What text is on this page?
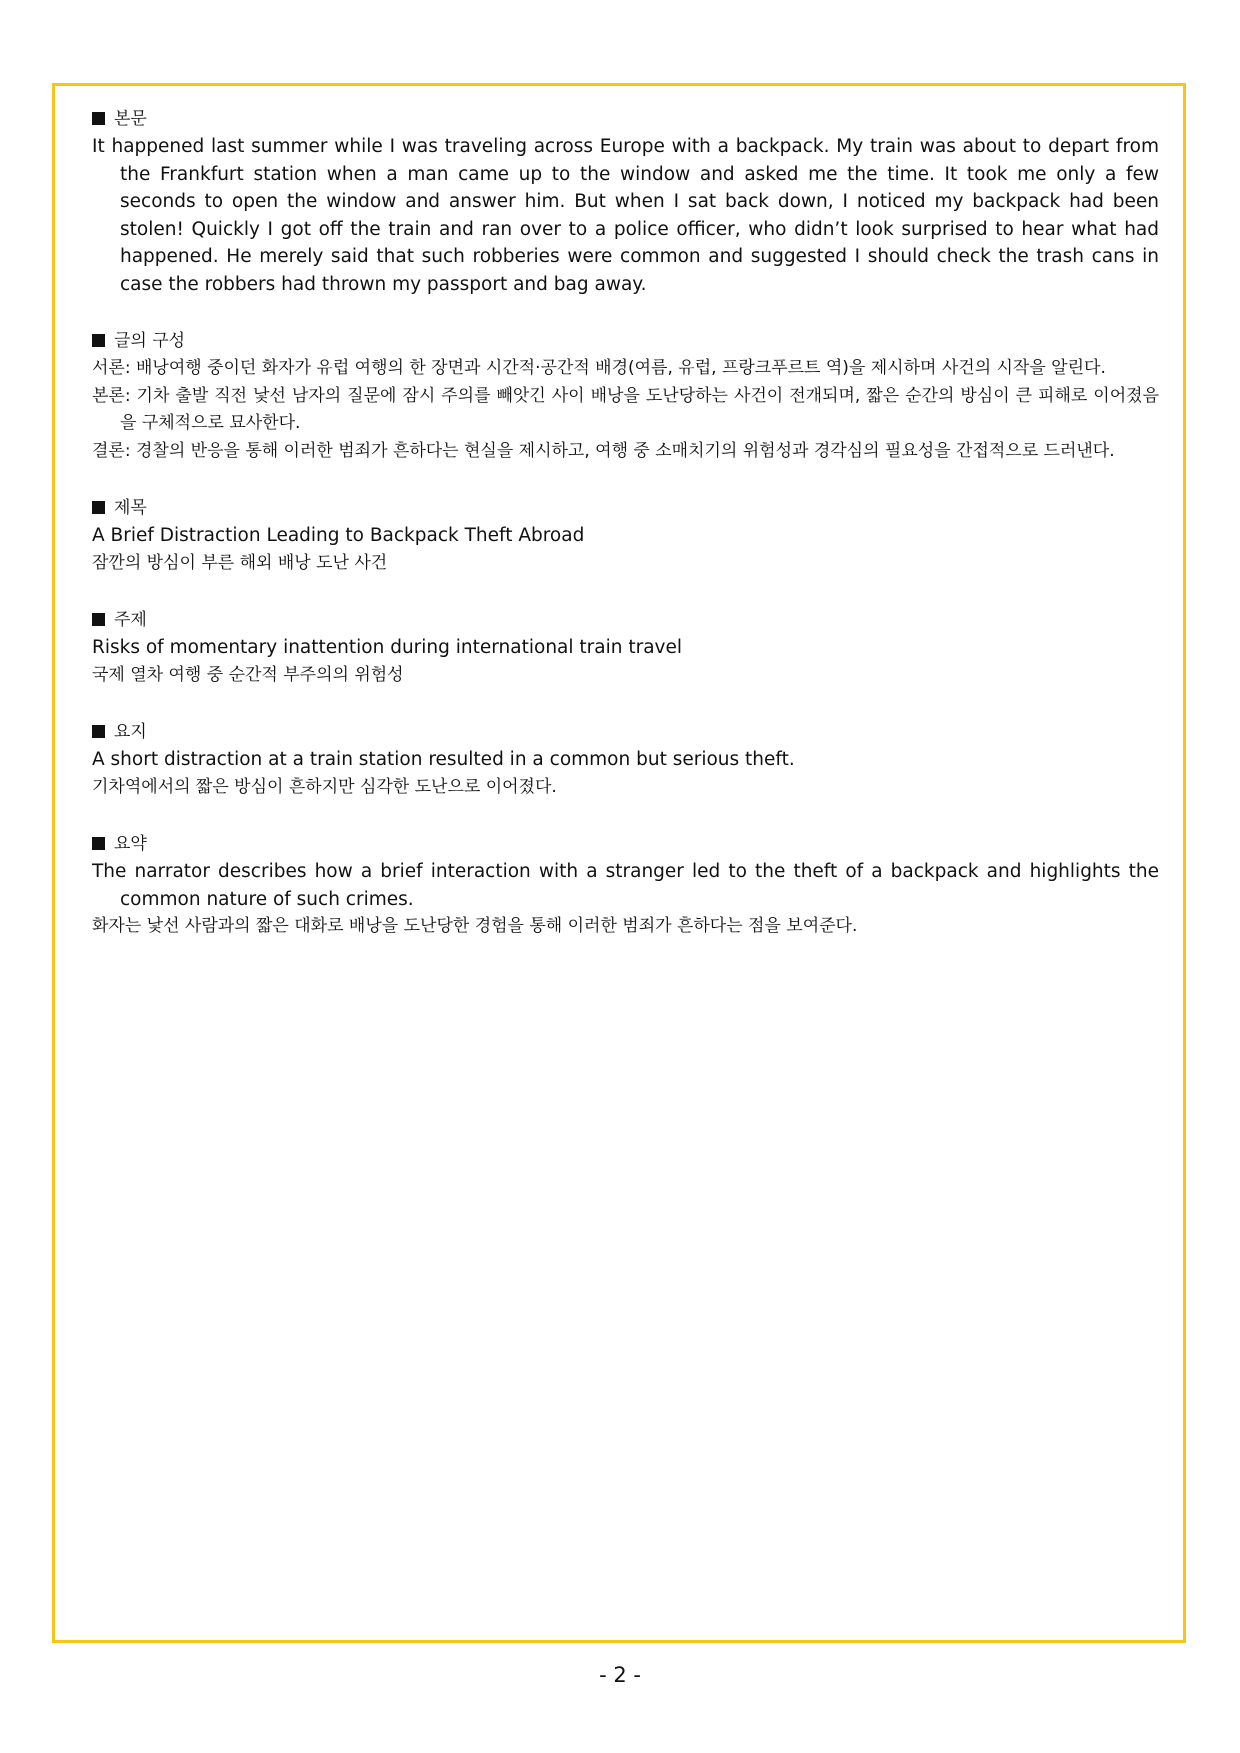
본문

It happened last summer while I was traveling across Europe with a backpack. My train was about to depart from the Frankfurt station when a man came up to the window and asked me the time. It took me only a few seconds to open the window and answer him. But when I sat back down, I noticed my backpack had been stolen! Quickly I got off the train and ran over to a police officer, who didn’t look surprised to hear what had happened. He merely said that such robberies were common and suggested I should check the trash cans in case the robbers had thrown my passport and bag away.

글의 구성

서론: 배낭여행 중이던 화자가 유럽 여행의 한 장면과 시간적·공간적 배경(여름, 유럽, 프랑크푸르트 역)을 제시하며 사건의 시작을 알린다.

본론: 기차 출발 직전 낯선 남자의 질문에 잠시 주의를 빼앗긴 사이 배낭을 도난당하는 사건이 전개되며, 짧은 순간의 방심이 큰 피해로 이어졌음을 구체적으로 묘사한다.

결론: 경찰의 반응을 통해 이러한 범죄가 흔하다는 현실을 제시하고, 여행 중 소매치기의 위험성과 경각심의 필요성을 간접적으로 드러낸다.

제목

A Brief Distraction Leading to Backpack Theft Abroad

잠깐의 방심이 부른 해외 배낭 도난 사건

주제

Risks of momentary inattention during international train travel

국제 열차 여행 중 순간적 부주의의 위험성

요지

A short distraction at a train station resulted in a common but serious theft.

기차역에서의 짧은 방심이 흔하지만 심각한 도난으로 이어졌다.

요약

The narrator describes how a brief interaction with a stranger led to the theft of a backpack and highlights the common nature of such crimes.

화자는 낯선 사람과의 짧은 대화로 배낭을 도난당한 경험을 통해 이러한 범죄가 흔하다는 점을 보여준다.

- 2 -
